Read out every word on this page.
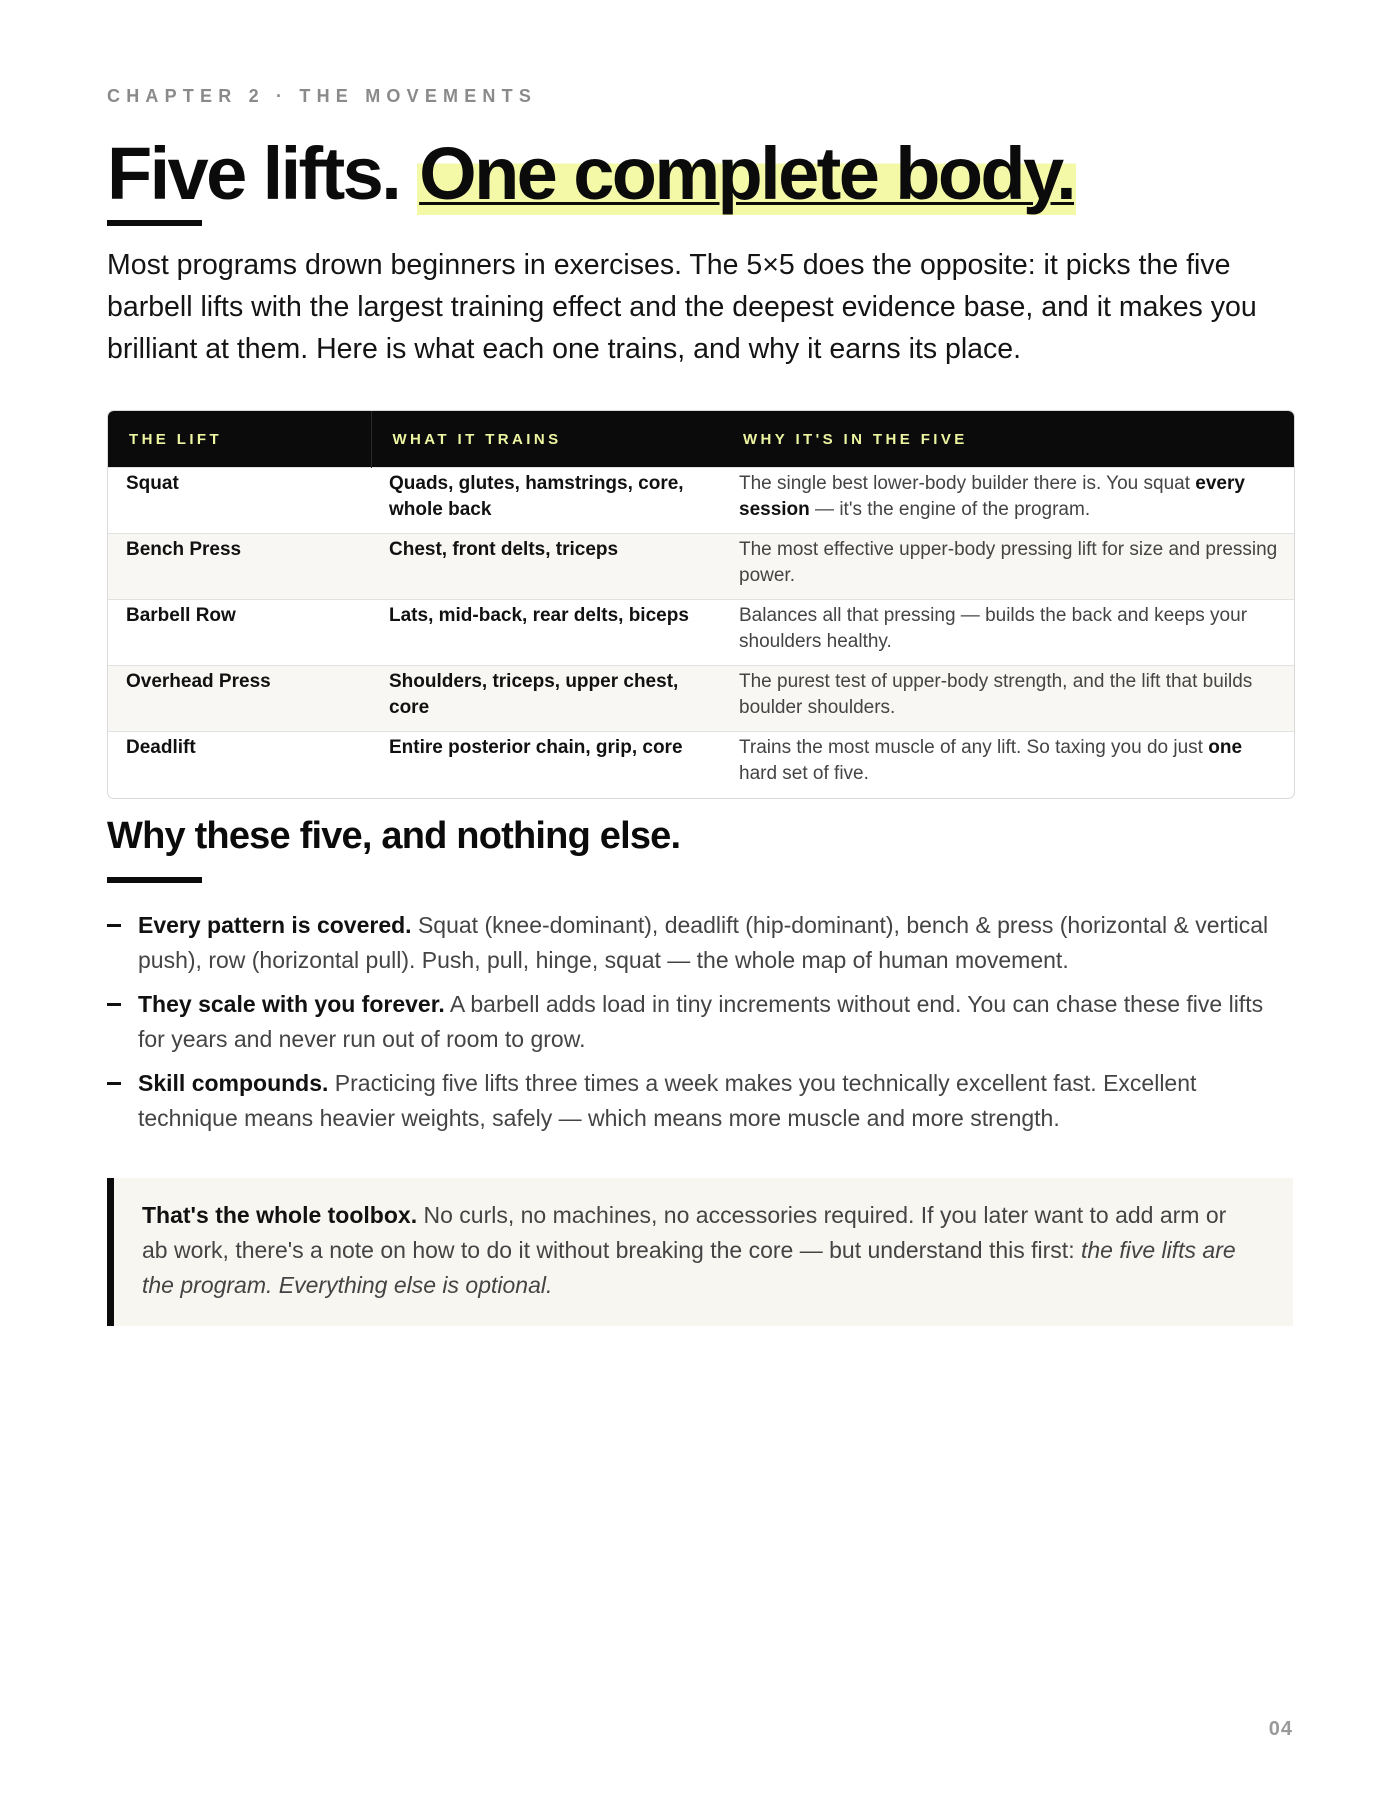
CHAPTER 2 · THE MOVEMENTS
Five lifts. One complete body.

Most programs drown beginners in exercises. The 5×5 does the opposite: it picks the five barbell lifts with the largest training effect and the deepest evidence base, and it makes you brilliant at them. Here is what each one trains, and why it earns its place.

THE LIFT	WHAT IT TRAINS	WHY IT'S IN THE FIVE
Squat	Quads, glutes, hamstrings, core, whole back	The single best lower-body builder there is. You squat every session — it's the engine of the program.
Bench Press	Chest, front delts, triceps	The most effective upper-body pressing lift for size and pressing power.
Barbell Row	Lats, mid-back, rear delts, biceps	Balances all that pressing — builds the back and keeps your shoulders healthy.
Overhead Press	Shoulders, triceps, upper chest, core	The purest test of upper-body strength, and the lift that builds boulder shoulders.
Deadlift	Entire posterior chain, grip, core	Trains the most muscle of any lift. So taxing you do just one hard set of five.
Why these five, and nothing else.
Every pattern is covered. Squat (knee-dominant), deadlift (hip-dominant), bench & press (horizontal & vertical push), row (horizontal pull). Push, pull, hinge, squat — the whole map of human movement.
They scale with you forever. A barbell adds load in tiny increments without end. You can chase these five lifts for years and never run out of room to grow.
Skill compounds. Practicing five lifts three times a week makes you technically excellent fast. Excellent technique means heavier weights, safely — which means more muscle and more strength.

That's the whole toolbox. No curls, no machines, no accessories required. If you later want to add arm or ab work, there's a note on how to do it without breaking the core — but understand this first: the five lifts are the program. Everything else is optional.

04
